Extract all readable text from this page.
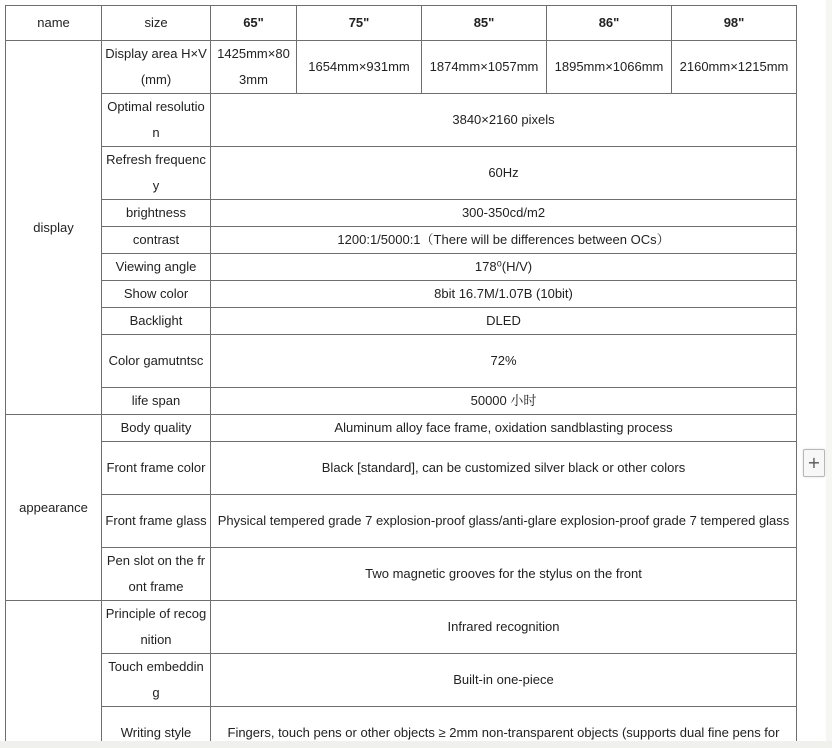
name	size	65"	75"	85"	86"	98"
display	Display area H×V(mm)	1425mm×803mm	1654mm×931mm	1874mm×1057mm	1895mm×1066mm	2160mm×1215mm
	Optimal resolution	3840×2160 pixels				
	Refresh frequency	60Hz				
	brightness	300-350cd/m2				
	contrast	1200:1/5000:1（There will be differences between OCs）				
	Viewing angle	178⁰(H/V)				
	Show color	8bit 16.7M/1.07B (10bit)				
	Backlight	DLED				
	Color gamutntsc	72%				
	life span	50000 小时				
appearance	Body quality	Aluminum alloy face frame, oxidation sandblasting process				
	Front frame color	Black [standard], can be customized silver black or other colors				
	Front frame glass	Physical tempered grade 7 explosion-proof glass/anti-glare explosion-proof grade 7 tempered glass				
	Pen slot on the front frame	Two magnetic grooves for the stylus on the front				
	Principle of recognition	Infrared recognition				
	Touch embedding	Built-in one-piece				
	Writing style	Fingers, touch pens or other objects ≥ 2mm non-transparent objects (supports dual fine pens for				
+
